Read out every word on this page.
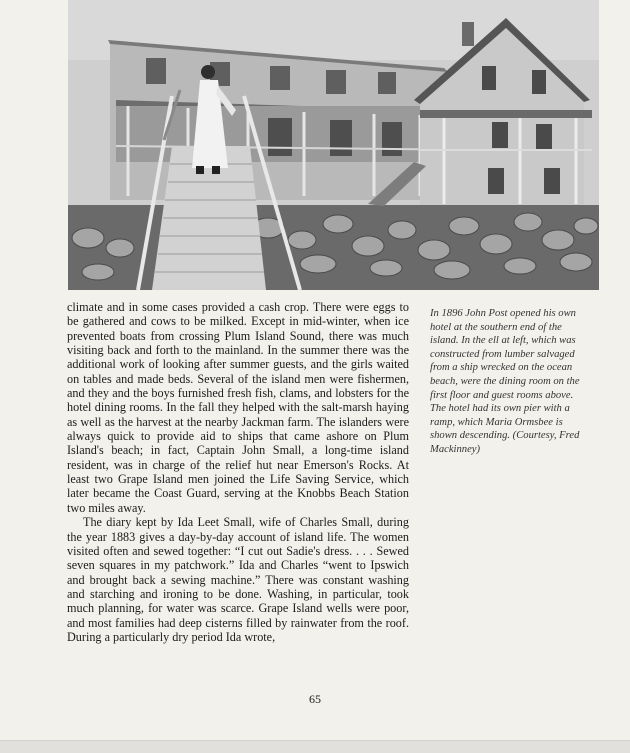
climate and in some cases provided a cash crop. There were eggs to be gathered and cows to be milked. Except in mid-winter, when ice prevented boats from crossing Plum Island Sound, there was much visiting back and forth to the mainland. In the summer there was the additional work of looking after summer guests, and the girls waited on tables and made beds. Several of the island men were fishermen, and they and the boys furnished fresh fish, clams, and lobsters for the hotel dining rooms. In the fall they helped with the salt-marsh haying as well as the harvest at the nearby Jackman farm. The islanders were always quick to provide aid to ships that came ashore on Plum Island's beach; in fact, Captain John Small, a long-time island resident, was in charge of the relief hut near Emerson's Rocks. At least two Grape Island men joined the Life Saving Service, which later became the Coast Guard, serving at the Knobbs Beach Station two miles away.

The diary kept by Ida Leet Small, wife of Charles Small, during the year 1883 gives a day-by-day account of island life. The women visited often and sewed together: “I cut out Sadie's dress. . . . Sewed seven squares in my patchwork.” Ida and Charles “went to Ipswich and brought back a sewing machine.” There was constant washing and starching and ironing to be done. Washing, in particular, took much planning, for water was scarce. Grape Island wells were poor, and most families had deep cisterns filled by rainwater from the roof. During a particularly dry period Ida wrote,

In 1896 John Post opened his own hotel at the southern end of the island. In the ell at left, which was constructed from lumber salvaged from a ship wrecked on the ocean beach, were the dining room on the first floor and guest rooms above. The hotel had its own pier with a ramp, which Maria Ormsbee is shown descending. (Courtesy, Fred Mackinney)
65
